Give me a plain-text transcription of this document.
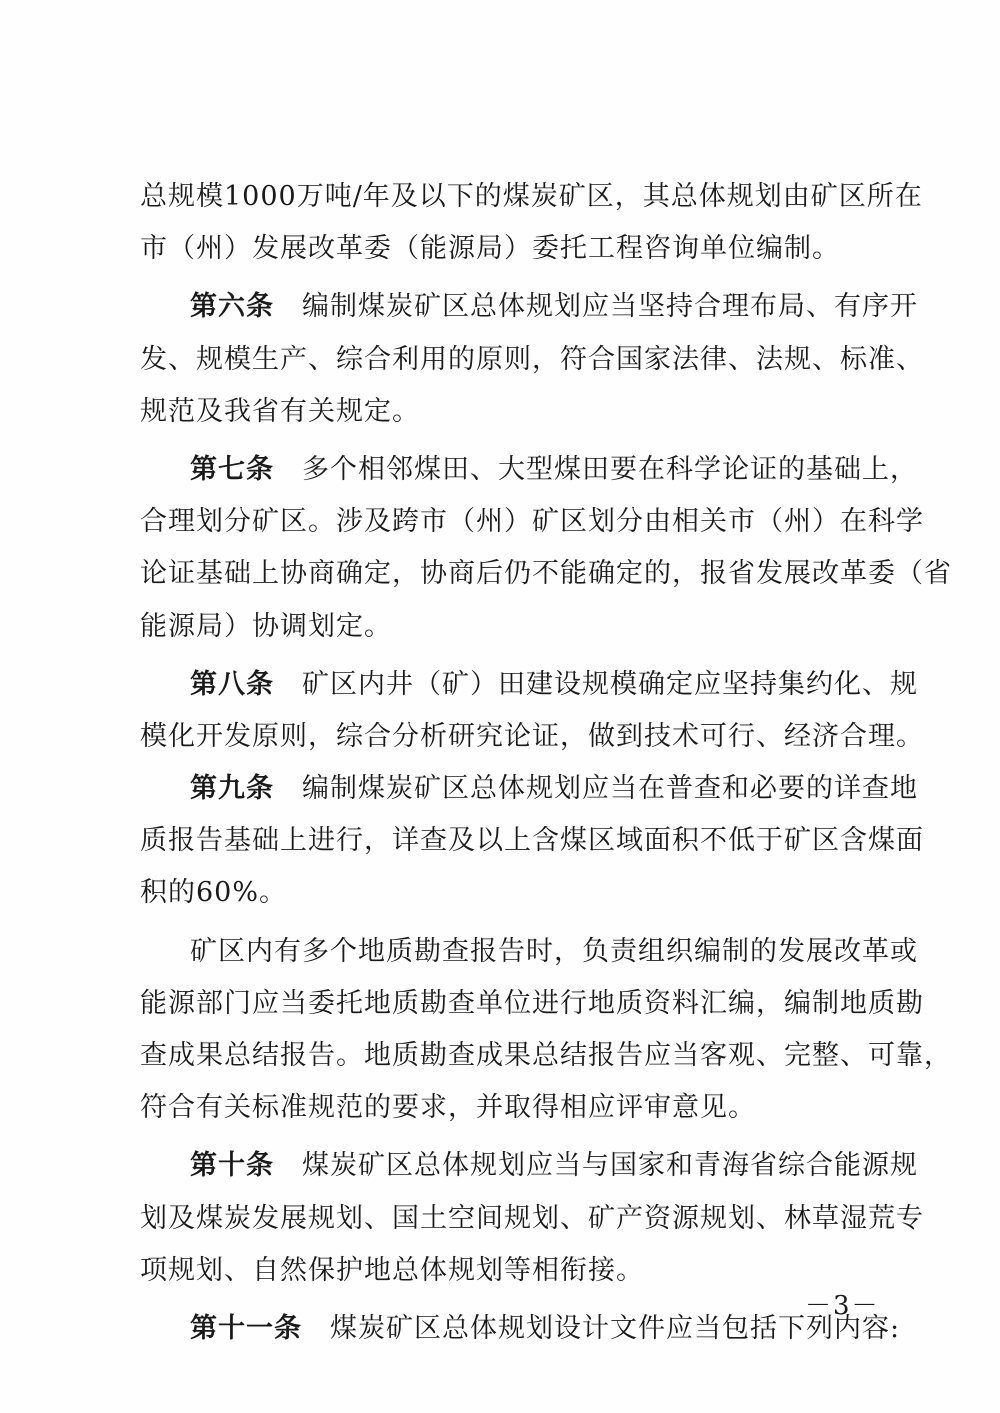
总规模1000万吨/年及以下的煤炭矿区，其总体规划由矿区所在
市（州）发展改革委（能源局）委托工程咨询单位编制。
第六条  编制煤炭矿区总体规划应当坚持合理布局、有序开
发、规模生产、综合利用的原则，符合国家法律、法规、标准、
规范及我省有关规定。
第七条  多个相邻煤田、大型煤田要在科学论证的基础上，
合理划分矿区。涉及跨市（州）矿区划分由相关市（州）在科学
论证基础上协商确定，协商后仍不能确定的，报省发展改革委（省
能源局）协调划定。
第八条  矿区内井（矿）田建设规模确定应坚持集约化、规
模化开发原则，综合分析研究论证，做到技术可行、经济合理。
第九条  编制煤炭矿区总体规划应当在普查和必要的详查地
质报告基础上进行，详查及以上含煤区域面积不低于矿区含煤面
积的60%。
矿区内有多个地质勘查报告时，负责组织编制的发展改革或
能源部门应当委托地质勘查单位进行地质资料汇编，编制地质勘
查成果总结报告。地质勘查成果总结报告应当客观、完整、可靠，
符合有关标准规范的要求，并取得相应评审意见。
第十条  煤炭矿区总体规划应当与国家和青海省综合能源规
划及煤炭发展规划、国土空间规划、矿产资源规划、林草湿荒专
项规划、自然保护地总体规划等相衔接。
第十一条  煤炭矿区总体规划设计文件应当包括下列内容:
－3－
